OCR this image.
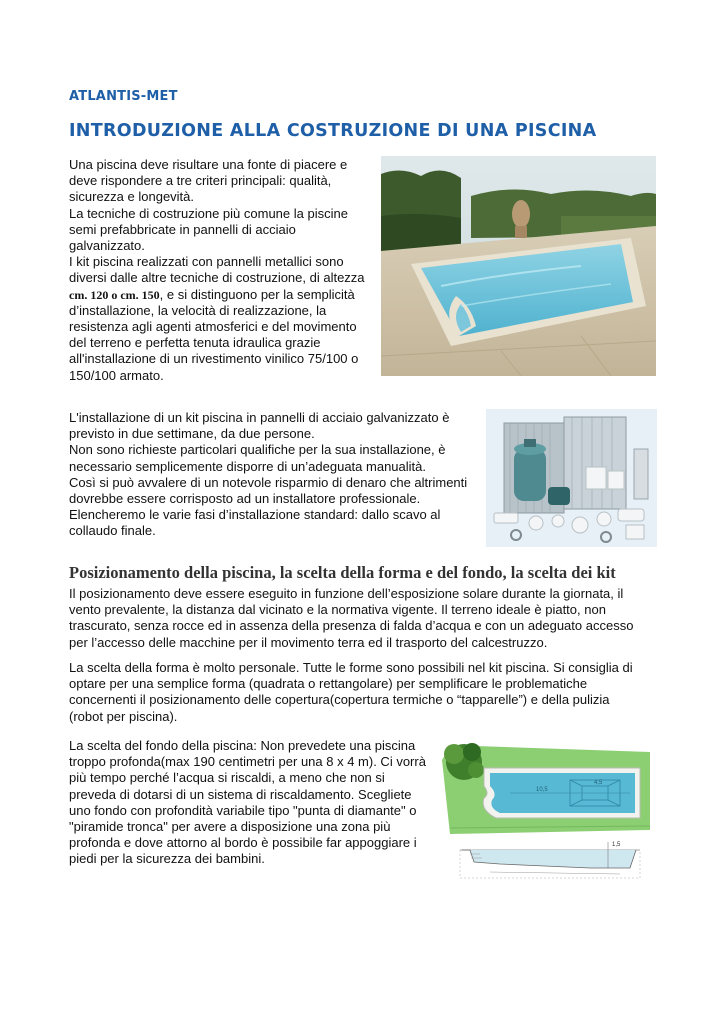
ATLANTIS-MET
INTRODUZIONE ALLA COSTRUZIONE DI UNA PISCINA
Una piscina deve risultare una fonte di piacere e
deve rispondere a tre criteri principali: qualità,
sicurezza e longevità.
La tecniche di costruzione più comune la piscine
semi prefabbricate in pannelli di acciaio
galvanizzato.
I kit piscina realizzati con pannelli metallici sono
diversi dalle altre tecniche di costruzione, di altezza
cm. 120 o cm. 150, e si distinguono per la semplicità
d’installazione, la velocità di realizzazione, la
resistenza agli agenti atmosferici e del movimento
del terreno e perfetta tenuta idraulica grazie
all'installazione di un rivestimento vinilico 75/100 o
150/100 armato.
L'installazione di un kit piscina in pannelli di acciaio galvanizzato è
previsto in due settimane, da due persone.
Non sono richieste particolari qualifiche per la sua installazione, è
necessario semplicemente disporre di un’adeguata manualità.
Così si può avvalere di un notevole risparmio di denaro che altrimenti
dovrebbe essere corrisposto ad un installatore professionale.
Elencheremo le varie fasi d’installazione standard: dallo scavo al
collaudo finale.
Posizionamento della piscina, la scelta della forma e del fondo, la scelta dei kit
Il posizionamento deve essere eseguito in funzione dell’esposizione solare durante la giornata, il
vento prevalente, la distanza dal vicinato e la normativa vigente. Il terreno ideale è piatto, non
trascurato, senza rocce ed in assenza della presenza di falda d’acqua e con un adeguato accesso
per l’accesso delle macchine per il movimento terra ed il trasporto del calcestruzzo.
La scelta della forma è molto personale. Tutte le forme sono possibili nel kit piscina. Si consiglia di
optare per una semplice forma (quadrata o rettangolare) per semplificare le problematiche
concernenti il posizionamento delle copertura(copertura termiche o “tapparelle”) e della pulizia
(robot per piscina).
La scelta del fondo della piscina: Non prevedete una piscina
troppo profonda(max 190 centimetri per una 8 x 4 m). Ci vorrà
più tempo perché l’acqua si riscaldi, a meno che non si
preveda di dotarsi di un sistema di riscaldamento. Scegliete
uno fondo con profondità variabile tipo "punta di diamante" o
"piramide tronca" per avere a disposizione una zona più
profonda e dove attorno al bordo è possibile far appoggiare i
piedi per la sicurezza dei bambini.
10,5
4,5
1,5
